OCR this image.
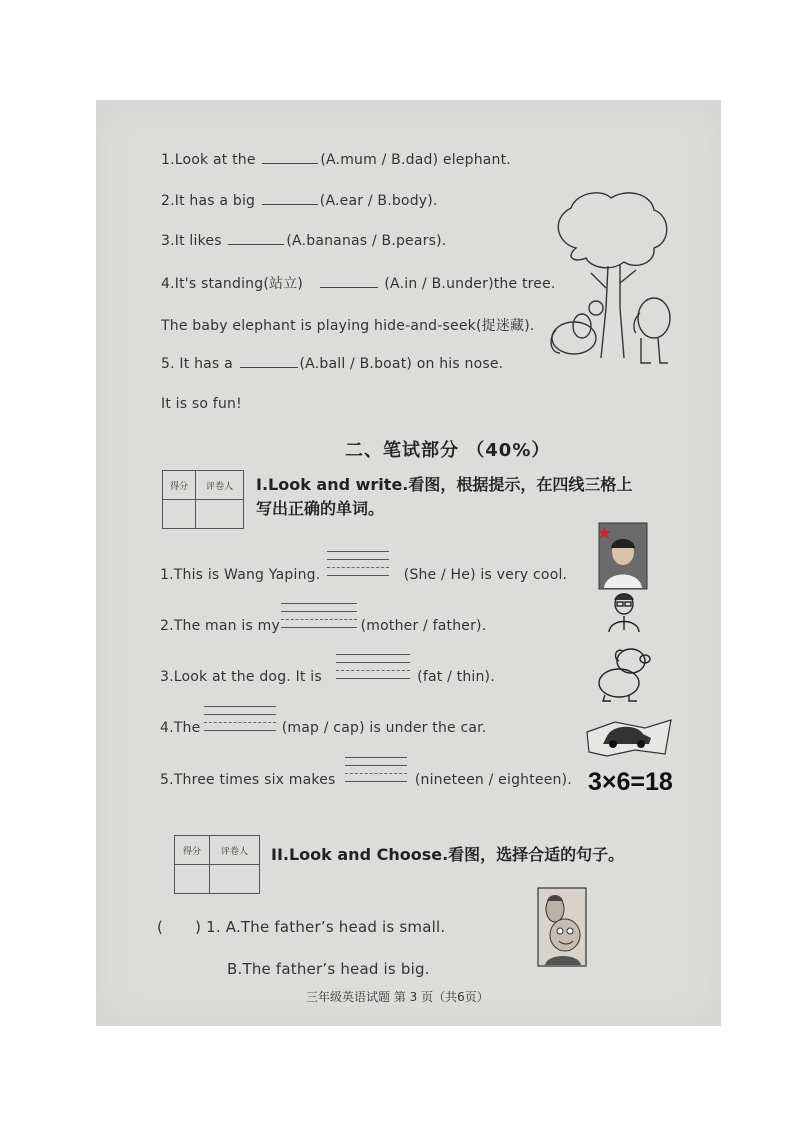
1.Look at the	(A.mum / B.dad) elephant.
2.It has a big	(A.ear / B.body).
3.It likes	(A.bananas / B.pears).
4.It's standing(站立)	(A.in / B.under)the tree.
The baby elephant is playing hide-and-seek(捉迷藏).
5. It has a	(A.ball / B.boat) on his nose.
It is so fun!
二、笔试部分 （40%）
得分	评卷人
	I.Look and write.看图，根据提示，在四线三格上
写出正确的单词。
1.This is Wang Yaping.	(She / He) is very cool.
2.The man is my	(mother / father).
3.Look at the dog. It is	(fat / thin).
4.The	(map / cap) is under the car.
5.Three times six makes	(nineteen / eighteen). 3×6=18
得分	评卷人
	II.Look and Choose.看图，选择合适的句子。
( ) 1. A.The father’s head is small.
B.The father’s head is big.
三年级英语试题 第 3 页（共6页）
